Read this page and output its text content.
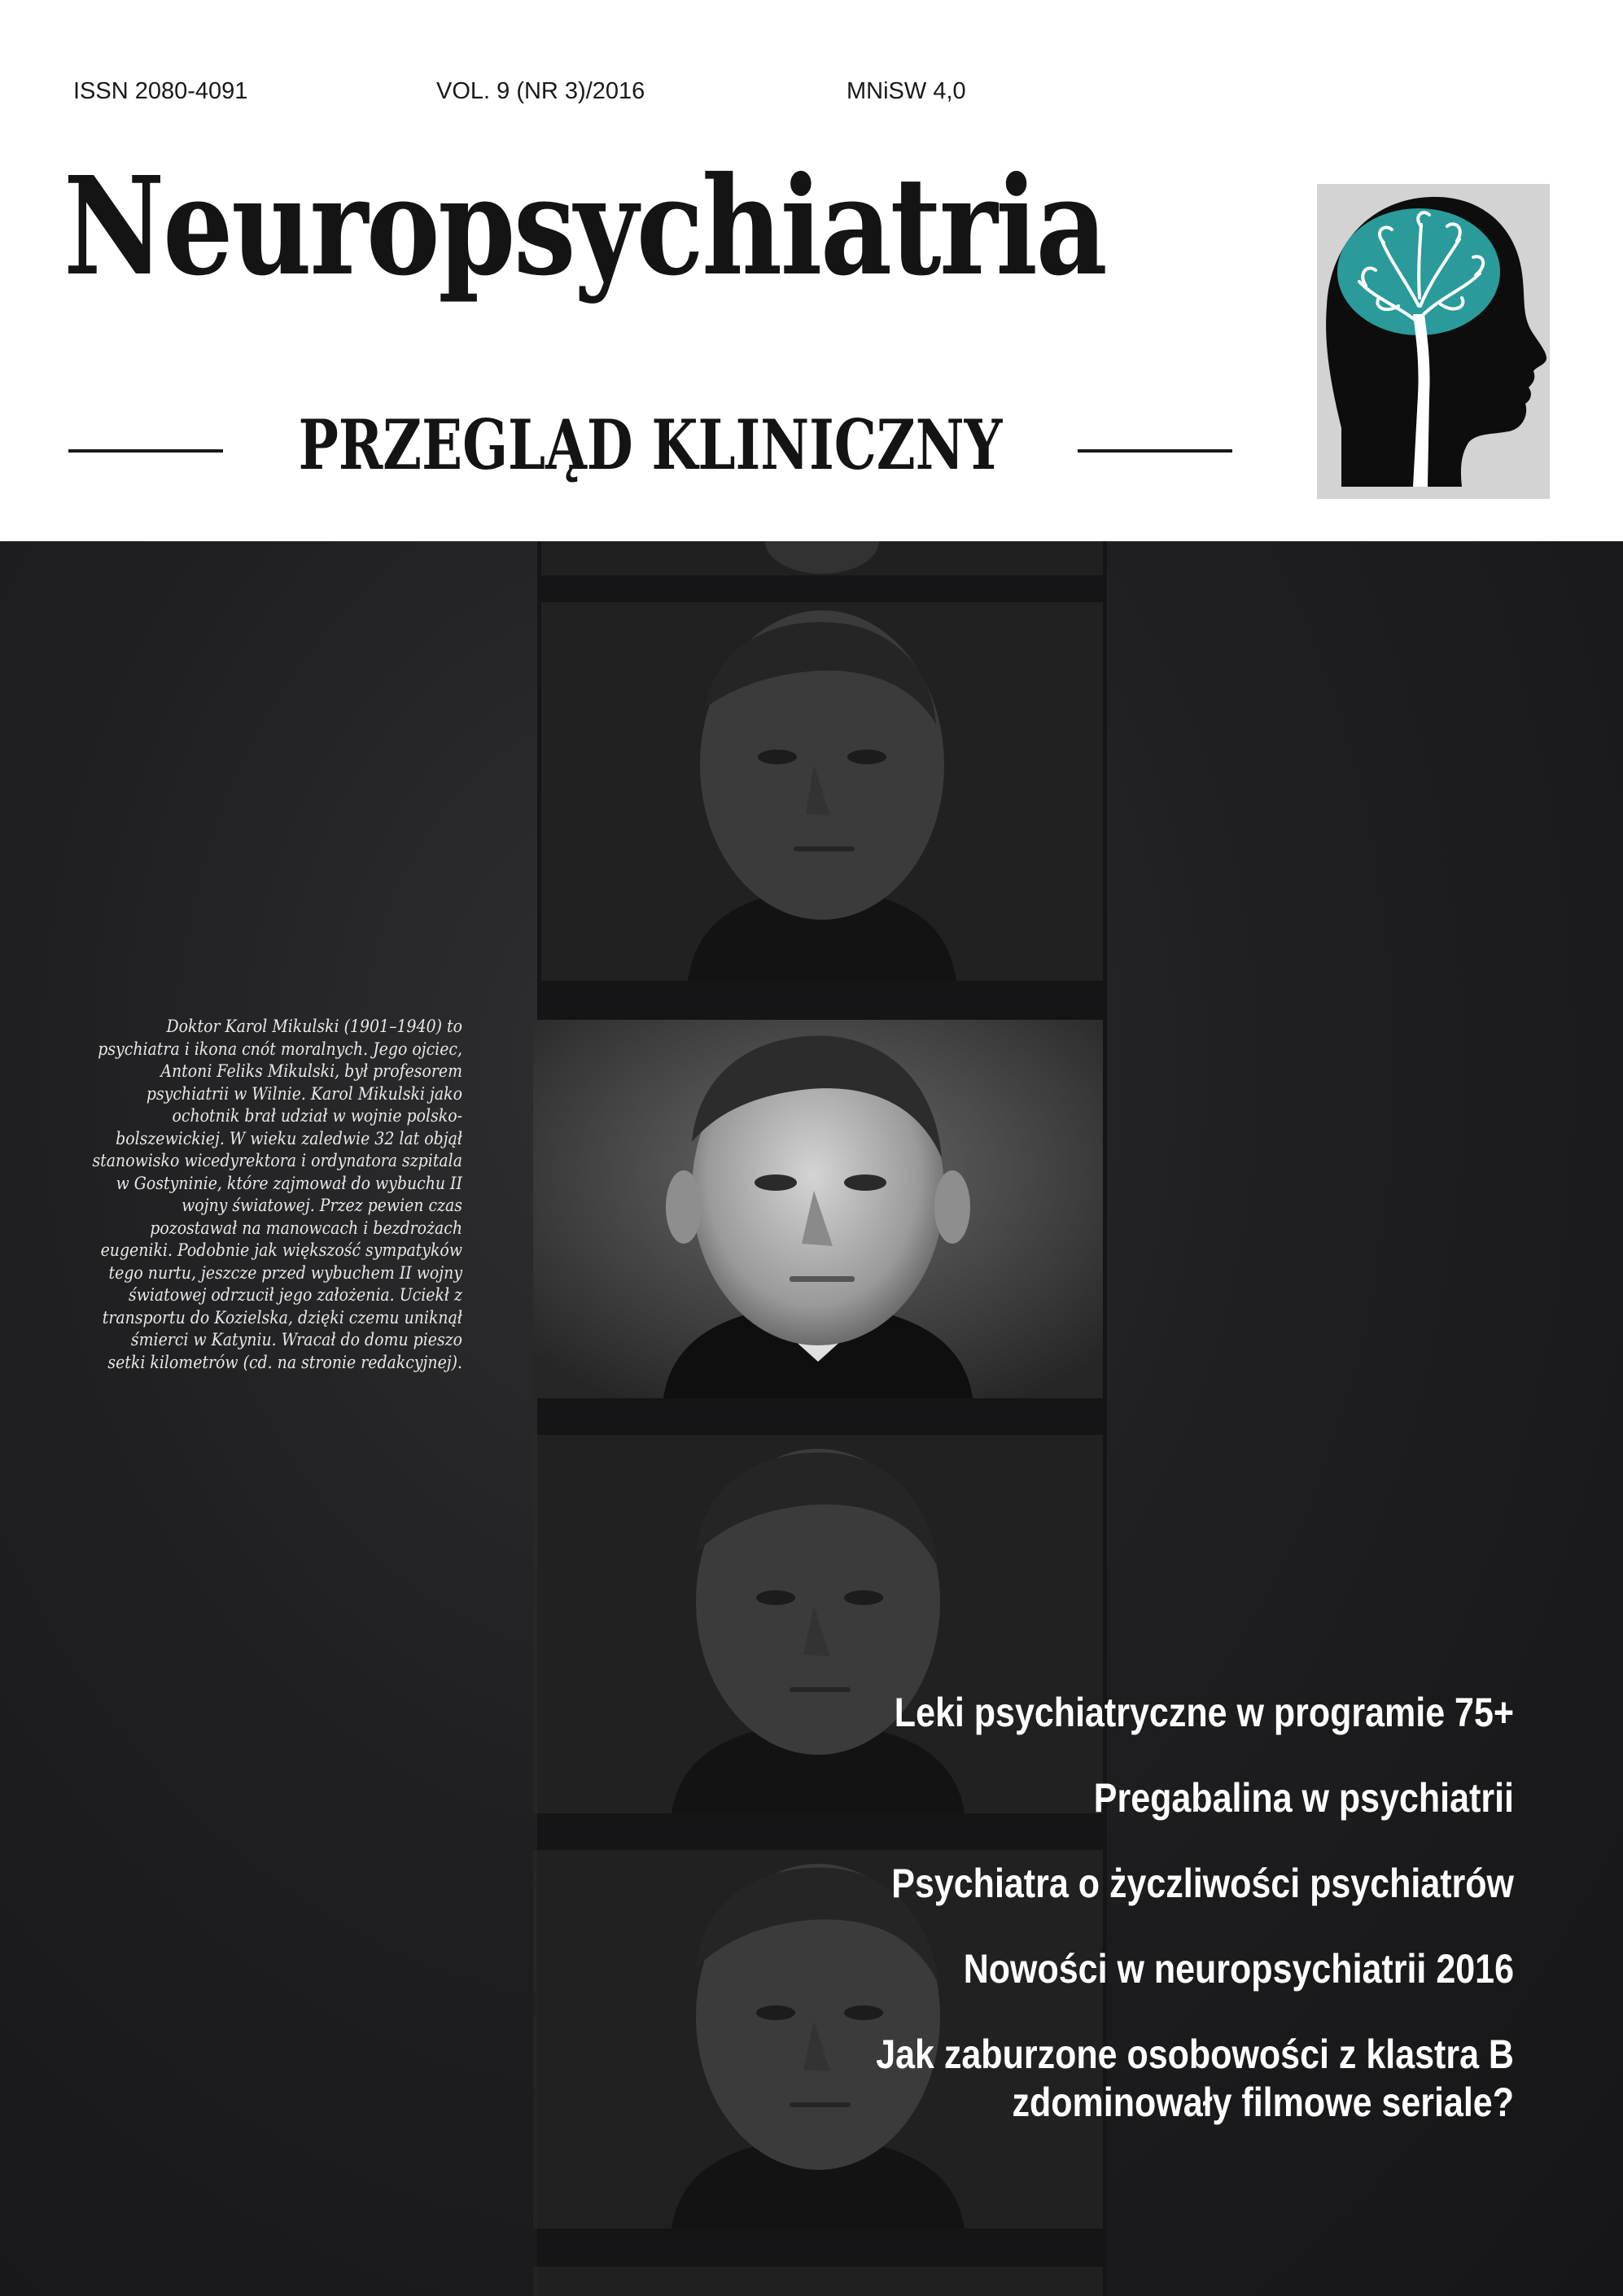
ISSN 2080-4091	VOL. 9 (NR 3)/2016	MNiSW 4,0
Neuropsychiatria
PRZEGLĄD KLINICZNY
Doktor Karol Mikulski (1901–1940) to psychiatra i ikona cnót moralnych. Jego ojciec, Antoni Feliks Mikulski, był profesorem psychiatrii w Wilnie. Karol Mikulski jako ochotnik brał udział w wojnie polsko-bolszewickiej. W wieku zaledwie 32 lat objął stanowisko wicedyrektora i ordynatora szpitala w Gostyninie, które zajmował do wybuchu II wojny światowej. Przez pewien czas pozostawał na manowcach i bezdrożach eugeniki. Podobnie jak większość sympatyków tego nurtu, jeszcze przed wybuchem II wojny światowej odrzucił jego założenia. Uciekł z transportu do Kozielska, dzięki czemu uniknął śmierci w Katyniu. Wracał do domu pieszo setki kilometrów (cd. na stronie redakcyjnej).
Leki psychiatryczne w programie 75+
Pregabalina w psychiatrii
Psychiatra o życzliwości psychiatrów
Nowości w neuropsychiatrii 2016
Jak zaburzone osobowości z klastra B
zdominowały filmowe seriale?
